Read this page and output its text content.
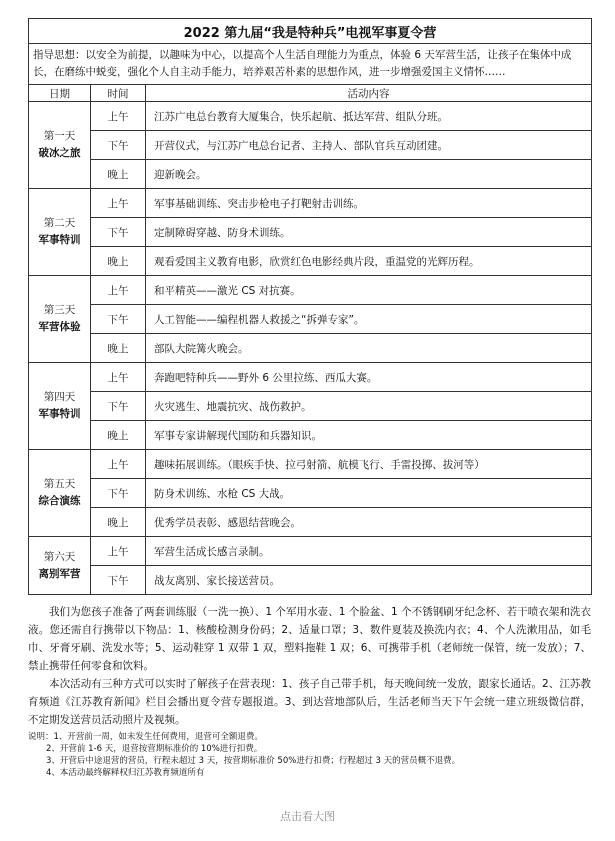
2022 第九届“我是特种兵”电视军事夏令营		
指导思想：以安全为前提，以趣味为中心，以提高个人生活自理能力为重点，体验 6 天军营生活，让孩子在集体中成长，在磨练中蜕变，强化个人自主动手能力，培养艰苦朴素的思想作风，进一步增强爱国主义情怀……		
日期	时间	活动内容
第一天
破冰之旅	上午	江苏广电总台教育大厦集合，快乐起航、抵达军营、组队分班。
	下午	开营仪式，与江苏广电总台记者、主持人、部队官兵互动团建。
	晚上	迎新晚会。
第二天
军事特训	上午	军事基础训练、突击步枪电子打靶射击训练。
	下午	定制障碍穿越、防身术训练。
	晚上	观看爱国主义教育电影，欣赏红色电影经典片段，重温党的光辉历程。
第三天
军营体验	上午	和平精英——激光 CS 对抗赛。
	下午	人工智能——编程机器人救援之“拆弹专家”。
	晚上	部队大院篝火晚会。
第四天
军事特训	上午	奔跑吧特种兵——野外 6 公里拉练、西瓜大赛。
	下午	火灾逃生、地震抗灾、战伤救护。
	晚上	军事专家讲解现代国防和兵器知识。
第五天
综合演练	上午	趣味拓展训练。（眼疾手快、拉弓射箭、航模飞行、手雷投掷、拔河等）
	下午	防身术训练、水枪 CS 大战。
	晚上	优秀学员表彰、感恩结营晚会。
第六天
离别军营	上午	军营生活成长感言录制。
	下午	战友离别、家长接送营员。

我们为您孩子准备了两套训练服（一洗一换）、1 个军用水壶、1 个脸盆、1 个不锈钢刷牙纪念杯、若干喷衣架和洗衣液。您还需自行携带以下物品：1、核酸检测身份码；2、适量口罩；3、数件夏装及换洗内衣；4、个人洗漱用品，如毛巾、牙膏牙刷、洗发水等；5、运动鞋穿 1 双带 1 双，塑料拖鞋 1 双；6、可携带手机（老师统一保管，统一发放）；7、禁止携带任何零食和饮料。

本次活动有三种方式可以实时了解孩子在营表现：1、孩子自己带手机，每天晚间统一发放，跟家长通话。2、江苏教育频道《江苏教育新闻》栏目会播出夏令营专题报道。3、到达营地部队后，生活老师当天下午会统一建立班级微信群，不定期发送营员活动照片及视频。

说明：1、开营前一周，如未发生任何费用，退营可全额退费。
2、开营前 1-6 天，退营按营期标准价的 10%进行扣费。
3、开营后中途退营的营员，行程未超过 3 天，按营期标准价 50%进行扣费；行程超过 3 天的营员概不退费。
4、本活动最终解释权归江苏教育频道所有
点击看大图
